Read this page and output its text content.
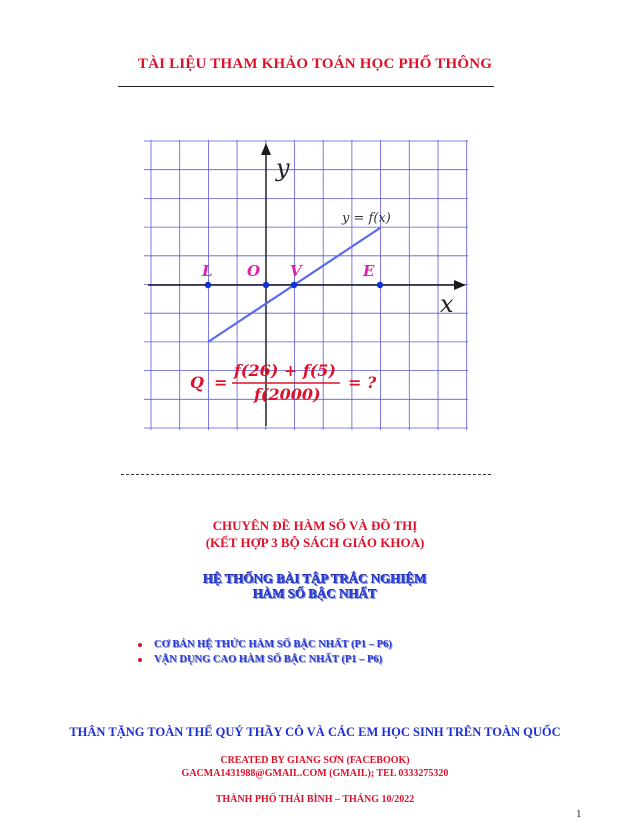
TÀI LIỆU THAM KHẢO TOÁN HỌC PHỔ THÔNG
x
y
y = f(x)
L O V	E
Q =
f(26) + f(5)
f(2000)
= ?
CHUYÊN ĐỀ HÀM SỐ VÀ ĐỒ THỊ
(KẾT HỢP 3 BỘ SÁCH GIÁO KHOA)
HỆ THỐNG BÀI TẬP TRẮC NGHIỆM
HÀM SỐ BẬC NHẤT
CƠ BẢN HỆ THỨC HÀM SỐ BẬC NHẤT (P1 – P6)
VẬN DỤNG CAO HÀM SỐ BẬC NHẤT (P1 – P6)
THÂN TẶNG TOÀN THỂ QUÝ THẦY CÔ VÀ CÁC EM HỌC SINH TRÊN TOÀN QUỐC
CREATED BY GIANG SƠN (FACEBOOK)
GACMA1431988@GMAIL.COM (GMAIL); TEL 0333275320
THÀNH PHỐ THÁI BÌNH – THÁNG 10/2022
1
